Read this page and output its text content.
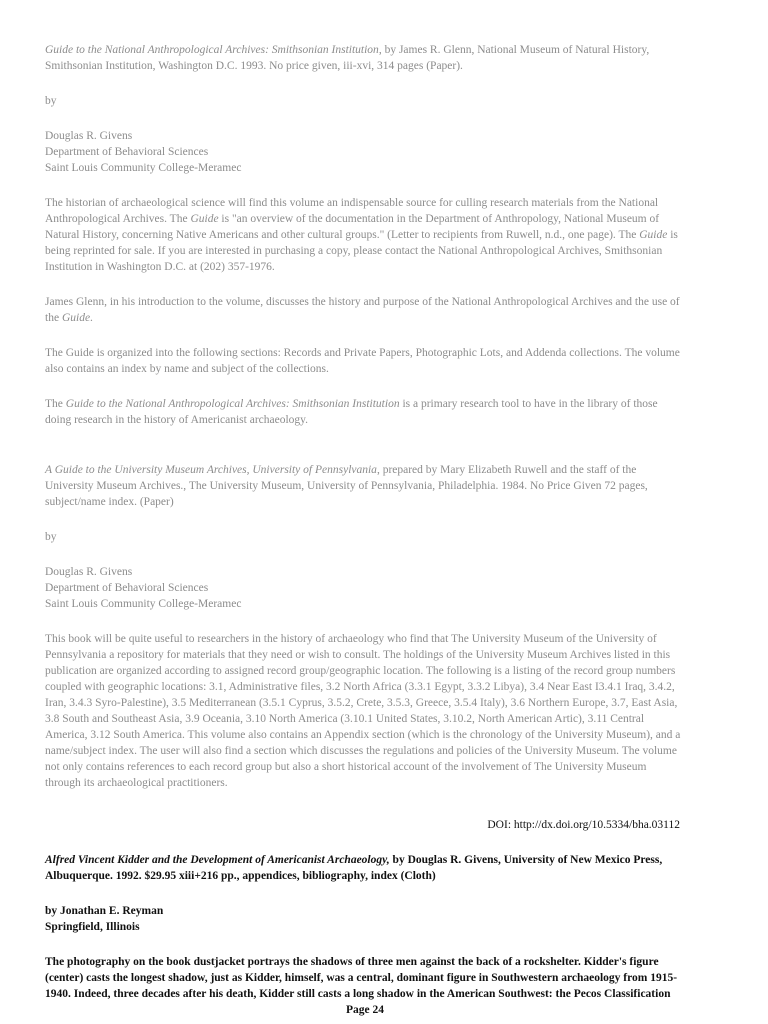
Guide to the National Anthropological Archives: Smithsonian Institution, by James R. Glenn, National Museum of Natural History, Smithsonian Institution, Washington D.C. 1993. No price given, iii-xvi, 314 pages (Paper).

by

Douglas R. Givens

Department of Behavioral Sciences

Saint Louis Community College-Meramec

The historian of archaeological science will find this volume an indispensable source for culling research materials from the National Anthropological Archives. The Guide is "an overview of the documentation in the Department of Anthropology, National Museum of Natural History, concerning Native Americans and other cultural groups." (Letter to recipients from Ruwell, n.d., one page). The Guide is being reprinted for sale. If you are interested in purchasing a copy, please contact the National Anthropological Archives, Smithsonian Institution in Washington D.C. at (202) 357-1976.

James Glenn, in his introduction to the volume, discusses the history and purpose of the National Anthropological Archives and the use of the Guide.

The Guide is organized into the following sections: Records and Private Papers, Photographic Lots, and Addenda collections. The volume also contains an index by name and subject of the collections.

The Guide to the National Anthropological Archives: Smithsonian Institution is a primary research tool to have in the library of those doing research in the history of Americanist archaeology.

A Guide to the University Museum Archives, University of Pennsylvania, prepared by Mary Elizabeth Ruwell and the staff of the University Museum Archives., The University Museum, University of Pennsylvania, Philadelphia. 1984. No Price Given 72 pages, subject/name index. (Paper)

by

Douglas R. Givens

Department of Behavioral Sciences

Saint Louis Community College-Meramec

This book will be quite useful to researchers in the history of archaeology who find that The University Museum of the University of Pennsylvania a repository for materials that they need or wish to consult. The holdings of the University Museum Archives listed in this publication are organized according to assigned record group/geographic location. The following is a listing of the record group numbers coupled with geographic locations: 3.1, Administrative files, 3.2 North Africa (3.3.1 Egypt, 3.3.2 Libya), 3.4 Near East I3.4.1 Iraq, 3.4.2, Iran, 3.4.3 Syro-Palestine), 3.5 Mediterranean (3.5.1 Cyprus, 3.5.2, Crete, 3.5.3, Greece, 3.5.4 Italy), 3.6 Northern Europe, 3.7, East Asia, 3.8 South and Southeast Asia, 3.9 Oceania, 3.10 North America (3.10.1 United States, 3.10.2, North American Artic), 3.11 Central America, 3.12 South America. This volume also contains an Appendix section (which is the chronology of the University Museum), and a name/subject index. The user will also find a section which discusses the regulations and policies of the University Museum. The volume not only contains references to each record group but also a short historical account of the involvement of The University Museum through its archaeological practitioners.

DOI: http://dx.doi.org/10.5334/bha.03112

Alfred Vincent Kidder and the Development of Americanist Archaeology, by Douglas R. Givens, University of New Mexico Press, Albuquerque. 1992. $29.95 xiii+216 pp., appendices, bibliography, index (Cloth)

by Jonathan E. Reyman

Springfield, Illinois

The photography on the book dustjacket portrays the shadows of three men against the back of a rockshelter. Kidder's figure (center) casts the longest shadow, just as Kidder, himself, was a central, dominant figure in Southwestern archaeology from 1915-1940. Indeed, three decades after his death, Kidder still casts a long shadow in the American Southwest: the Pecos Classification

Page 24
